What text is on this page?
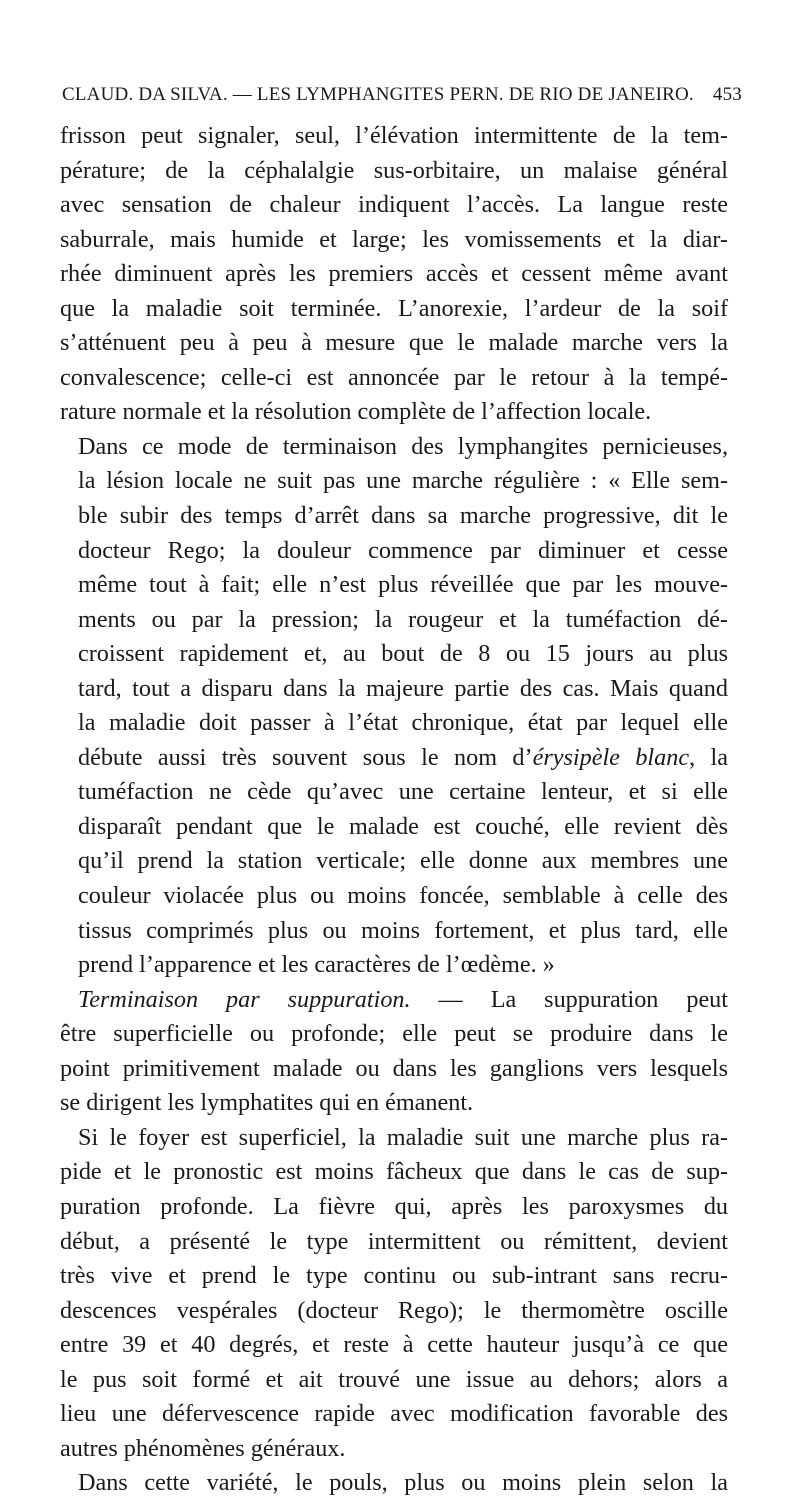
CLAUD. DA SILVA. — LES LYMPHANGITES PERN. DE RIO DE JANEIRO. 453

frisson peut signaler, seul, l’élévation intermittente de la tem-
pérature; de la céphalalgie sus-orbitaire, un malaise général
avec sensation de chaleur indiquent l’accès. La langue reste
saburrale, mais humide et large; les vomissements et la diar-
rhée diminuent après les premiers accès et cessent même avant
que la maladie soit terminée. L’anorexie, l’ardeur de la soif
s’atténuent peu à peu à mesure que le malade marche vers la
convalescence; celle-ci est annoncée par le retour à la tempé-
rature normale et la résolution complète de l’affection locale.

Dans ce mode de terminaison des lymphangites pernicieuses,
la lésion locale ne suit pas une marche régulière : « Elle sem-
ble subir des temps d’arrêt dans sa marche progressive, dit le
docteur Rego; la douleur commence par diminuer et cesse
même tout à fait; elle n’est plus réveillée que par les mouve-
ments ou par la pression; la rougeur et la tuméfaction dé-
croissent rapidement et, au bout de 8 ou 15 jours au plus
tard, tout a disparu dans la majeure partie des cas. Mais quand
la maladie doit passer à l’état chronique, état par lequel elle
débute aussi très souvent sous le nom d’érysipèle blanc, la
tuméfaction ne cède qu’avec une certaine lenteur, et si elle
disparaît pendant que le malade est couché, elle revient dès
qu’il prend la station verticale; elle donne aux membres une
couleur violacée plus ou moins foncée, semblable à celle des
tissus comprimés plus ou moins fortement, et plus tard, elle
prend l’apparence et les caractères de l’œdème. »

Terminaison par suppuration. — La suppuration peut
être superficielle ou profonde; elle peut se produire dans le
point primitivement malade ou dans les ganglions vers lesquels
se dirigent les lymphatites qui en émanent.

Si le foyer est superficiel, la maladie suit une marche plus ra-
pide et le pronostic est moins fâcheux que dans le cas de sup-
puration profonde. La fièvre qui, après les paroxysmes du
début, a présenté le type intermittent ou rémittent, devient
très vive et prend le type continu ou sub-intrant sans recru-
descences vespérales (docteur Rego); le thermomètre oscille
entre 39 et 40 degrés, et reste à cette hauteur jusqu’à ce que
le pus soit formé et ait trouvé une issue au dehors; alors a
lieu une défervescence rapide avec modification favorable des
autres phénomènes généraux.

Dans cette variété, le pouls, plus ou moins plein selon la
